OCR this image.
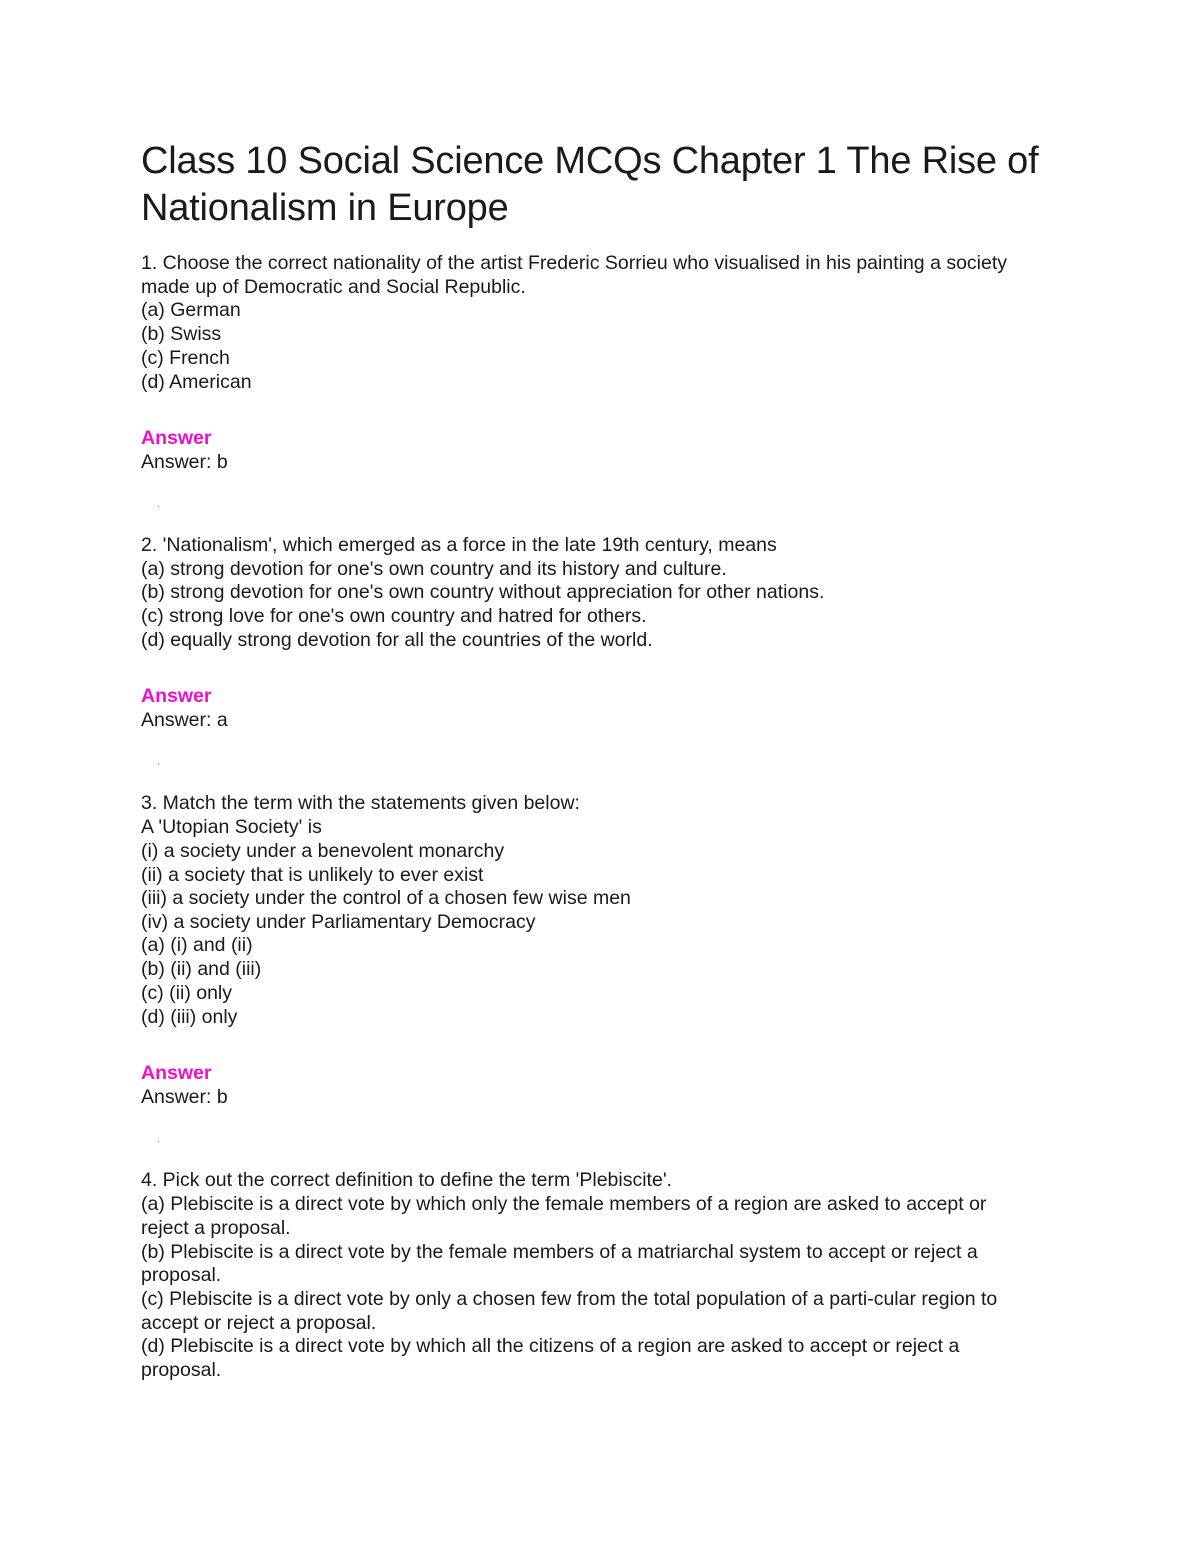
Class 10 Social Science MCQs Chapter 1 The Rise of Nationalism in Europe
1. Choose the correct nationality of the artist Frederic Sorrieu who visualised in his painting a society
made up of Democratic and Social Republic.
(a) German
(b) Swiss
(c) French
(d) American
Answer
Answer: b
.
2. 'Nationalism', which emerged as a force in the late 19th century, means
(a) strong devotion for one's own country and its history and culture.
(b) strong devotion for one's own country without appreciation for other nations.
(c) strong love for one's own country and hatred for others.
(d) equally strong devotion for all the countries of the world.
Answer
Answer: a
.
3. Match the term with the statements given below:
A 'Utopian Society' is
(i) a society under a benevolent monarchy
(ii) a society that is unlikely to ever exist
(iii) a society under the control of a chosen few wise men
(iv) a society under Parliamentary Democracy
(a) (i) and (ii)
(b) (ii) and (iii)
(c) (ii) only
(d) (iii) only
Answer
Answer: b
.
4. Pick out the correct definition to define the term 'Plebiscite'.
(a) Plebiscite is a direct vote by which only the female members of a region are asked to accept or
reject a proposal.
(b) Plebiscite is a direct vote by the female members of a matriarchal system to accept or reject a
proposal.
(c) Plebiscite is a direct vote by only a chosen few from the total population of a parti-cular region to
accept or reject a proposal.
(d) Plebiscite is a direct vote by which all the citizens of a region are asked to accept or reject a
proposal.
